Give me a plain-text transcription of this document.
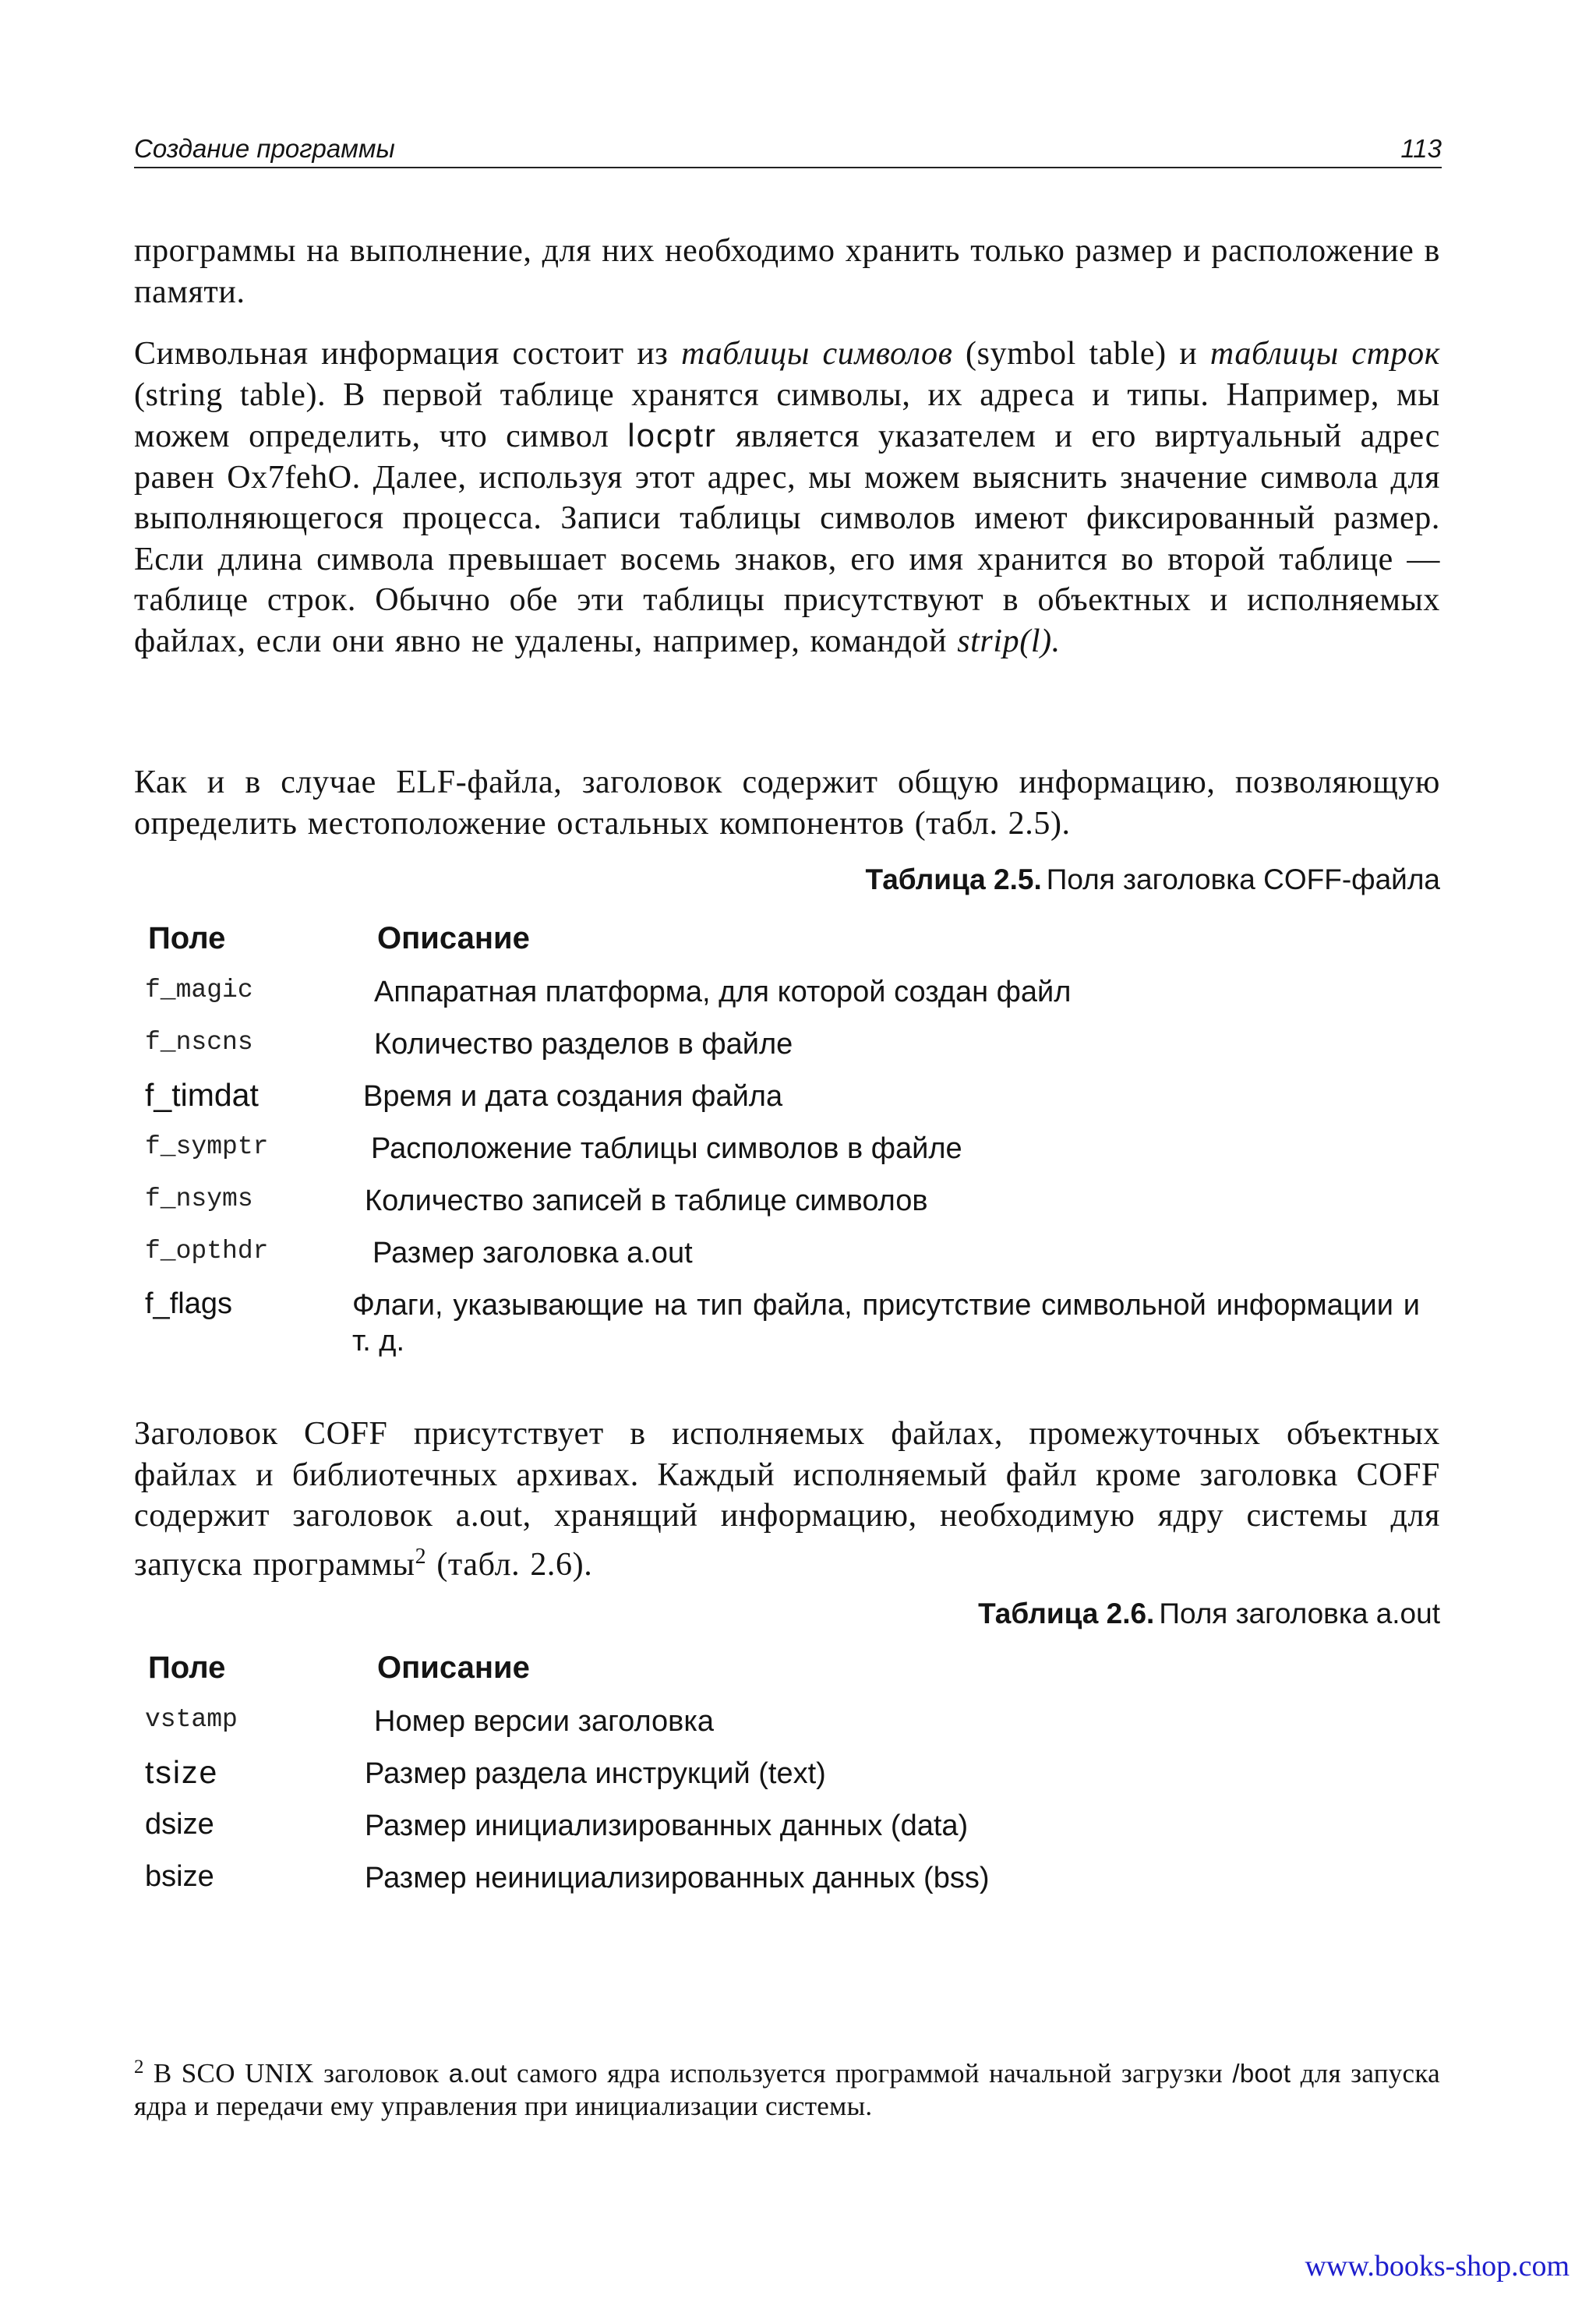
Создание программы	113
программы на выполнение, для них необходимо хранить только размер и расположение в памяти.
Символьная информация состоит из таблицы символов (symbol table) и таблицы строк (string table). В первой таблице хранятся символы, их адреса и типы. Например, мы можем определить, что символ locptr является указателем и его виртуальный адрес равен Ox7fehO. Далее, используя этот адрес, мы можем выяснить значение символа для выполняющегося процесса. Записи таблицы символов имеют фиксированный размер. Если длина символа превышает восемь знаков, его имя хранится во второй таблице — таблице строк. Обычно обе эти таблицы присутствуют в объектных и исполняемых файлах, если они явно не удалены, например, командой strip(l).
Как и в случае ELF-файла, заголовок содержит общую информацию, позволяющую определить местоположение остальных компонентов (табл. 2.5).
Таблица 2.5. Поля заголовка COFF-файла
Поле	Описание
f_magic	Аппаратная платформа, для которой создан файл
f_nscns	Количество разделов в файле
f_timdat	Время и дата создания файла
f_symptr	Расположение таблицы символов в файле
f_nsyms	Количество записей в таблице символов
f_opthdr	Размер заголовка a.out
f_flags	Флаги, указывающие на тип файла, присутствие символьной информации и т. д.
Заголовок COFF присутствует в исполняемых файлах, промежуточных объектных файлах и библиотечных архивах. Каждый исполняемый файл кроме заголовка COFF содержит заголовок a.out, хранящий информацию, необходимую ядру системы для запуска программы$^2$ (табл. 2.6).
Таблица 2.6. Поля заголовка a.out
Поле	Описание
vstamp	Номер версии заголовка
tsize	Размер раздела инструкций (text)
dsize	Размер инициализированных данных (data)
bsize	Размер неинициализированных данных (bss)
$^2$ В SCO UNIX заголовок a.out самого ядра используется программой начальной загрузки /boot для запуска ядра и передачи ему управления при инициализации системы.
www.books-shop.com
